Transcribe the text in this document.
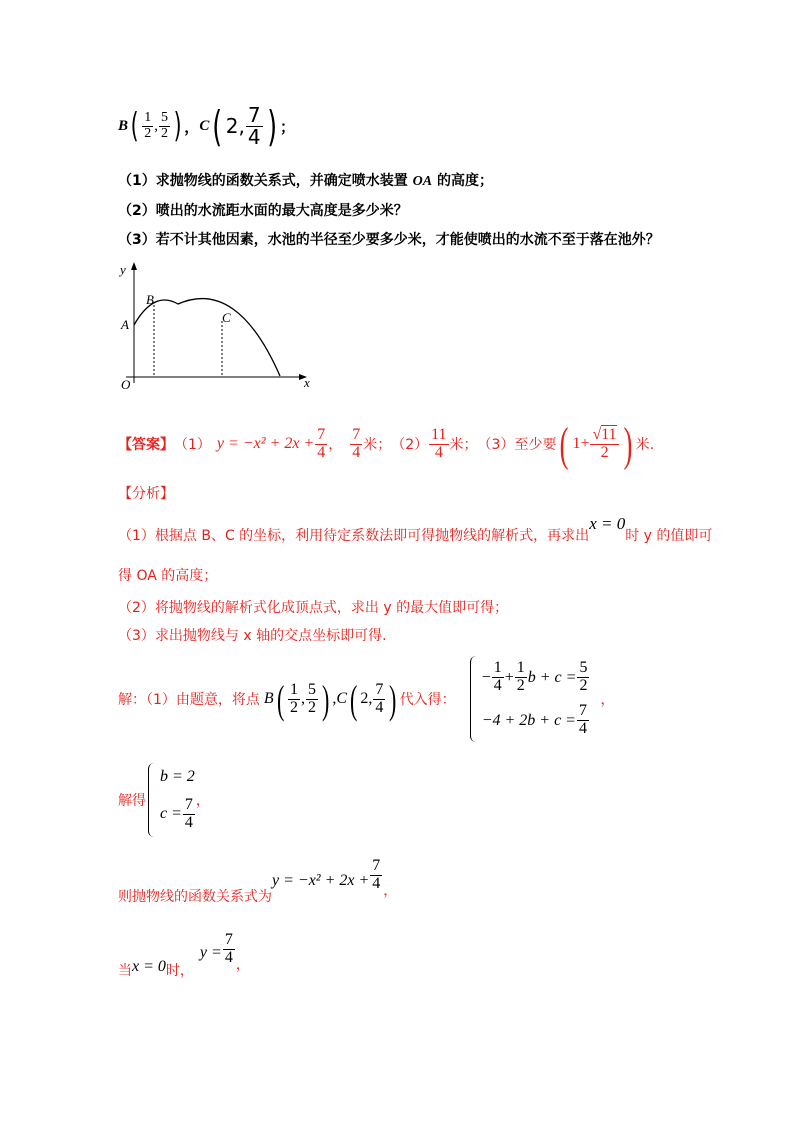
B ( $\frac{1}{2}$ , $\frac{5}{2}$ ) ， C ( 2 , $\frac{7}{4}$ ) ；
（1）求抛物线的函数关系式，并确定喷水装置 OA 的高度；
（2）喷出的水流距水面的最大高度是多少米？
（3）若不计其他因素，水池的半径至少要多少米，才能使喷出的水流不至于落在池外？
y
x
O
A
B
C
【答案】 （1） $y = -x^2 + 2x + \frac{7}{4}$ ， $\frac{7}{4}$ 米； $(2) \frac{11}{4}$ 米； （3）至少要 ( $1+ \frac{√11}{2}$ ) 米.
【分析】
（1）根据点 B、C 的坐标，利用待定系数法即可得抛物线的解析式，再求出
x = 0
时 y 的值即可
得 OA 的高度；
（2）将抛物线的解析式化成顶点式，求出 y 的最大值即可得；
（3）求出抛物线与 x 轴的交点坐标即可得.
解：（1）由题意，将点 B ( $\frac{1}{2}$ , $\frac{5}{2}$ ) , C ( 2 , $\frac{7}{4}$ ) 代入得：
− $\frac{1}{4} + \frac{1}{2}$ $b + c = \frac{5}{2}$
$-4 + 2b + c = \frac{7}{4}$
，
解得
b = 2
$c = \frac{7}{4}$ ，
则抛物线的函数关系式为
$y = -x^2 + 2x + \frac{7}{4}$ ，
当 x = 0 时，
$y = \frac{7}{4}$ ，
